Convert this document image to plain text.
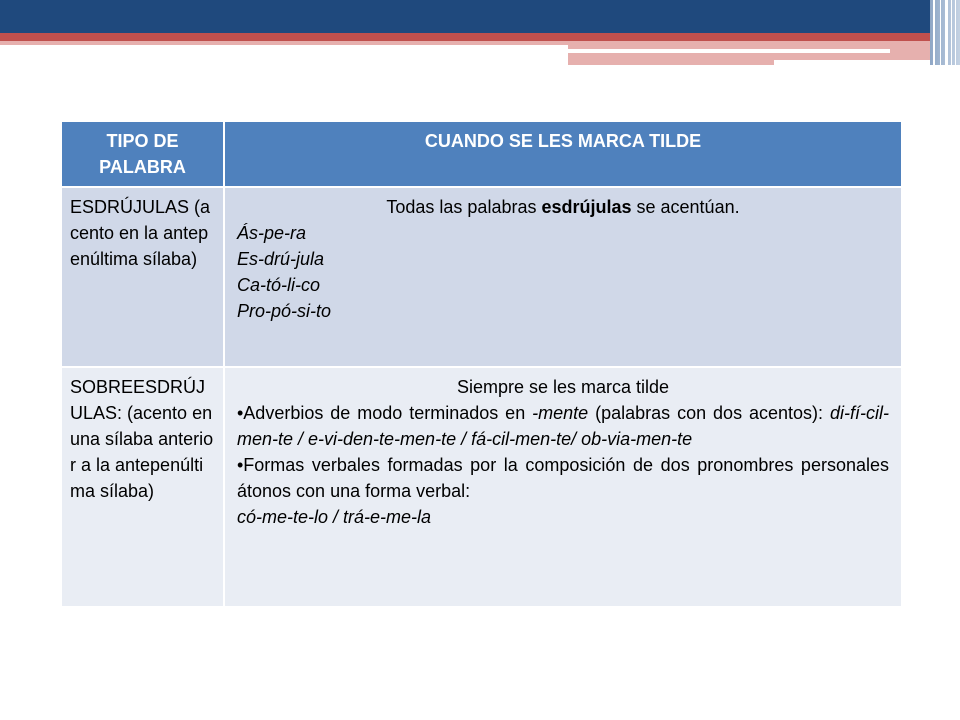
TIPO DE PALABRA	CUANDO SE LES MARCA TILDE
ESDRÚJULAS (acento en la antepenúltima sílaba)	Todas las palabras esdrújulas se acentúan.
Ás-pe-ra
Es-drú-jula
Ca-tó-li-co
Pro-pó-si-to

SOBREESDRÚJULAS: (acento en una sílaba anterior a la antepenúltima sílaba)	Siempre se les marca tilde
•Adverbios de modo terminados en -mente (palabras con dos acentos): di-fí-cil-men-te / e-vi-den-te-men-te / fá-cil-men-te/ ob-via-men-te
•Formas verbales formadas por la composición de dos pronombres personales átonos con una forma verbal:
có-me-te-lo / trá-e-me-la
